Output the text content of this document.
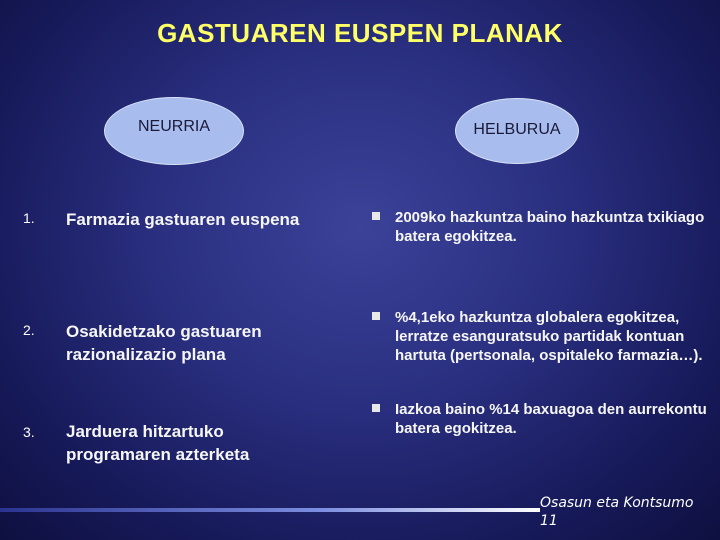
GASTUAREN EUSPEN PLANAK
NEURRIA	HELBURUA
1. Farmazia gastuaren euspena
2. Osakidetzako gastuaren razionalizazio plana
3. Jarduera hitzartuko programaren azterketa
2009ko hazkuntza baino hazkuntza txikiago batera egokitzea.
%4,1eko hazkuntza globalera egokitzea, lerratze esanguratsuko partidak kontuan hartuta (pertsonala, ospitaleko farmazia…).
Iazkoa baino %14 baxuagoa den aurrekontu batera egokitzea.
Osasun eta Kontsumo
11
